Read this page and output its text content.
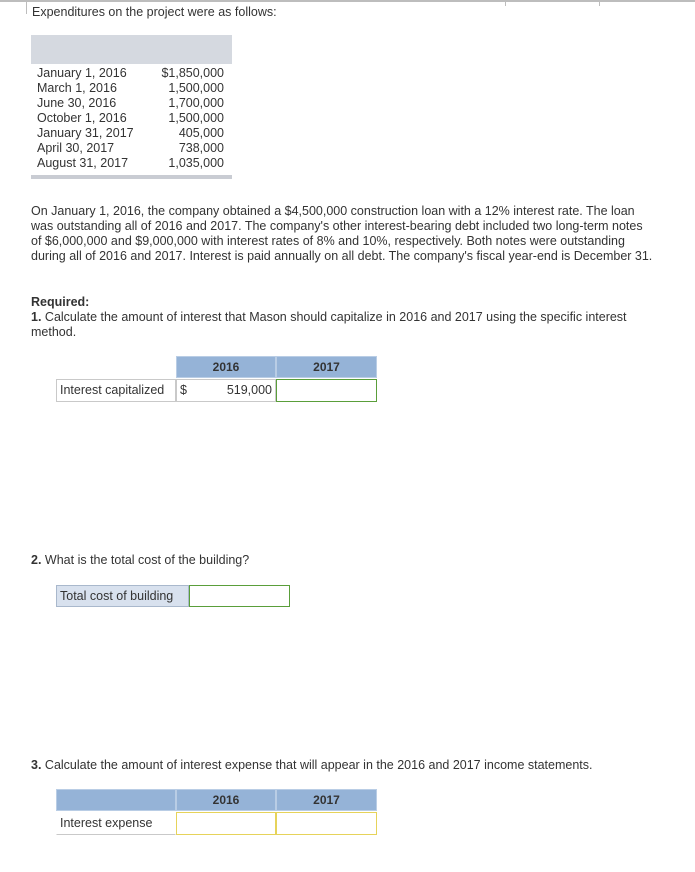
Expenditures on the project were as follows:
January 1, 2016	$1,850,000
March 1, 2016	1,500,000
June 30, 2016	1,700,000
October 1, 2016	1,500,000
January 31, 2017	405,000
April 30, 2017	738,000
August 31, 2017	1,035,000
On January 1, 2016, the company obtained a $4,500,000 construction loan with a 12% interest rate. The loan was outstanding all of 2016 and 2017. The company's other interest-bearing debt included two long-term notes of $6,000,000 and $9,000,000 with interest rates of 8% and 10%, respectively. Both notes were outstanding during all of 2016 and 2017. Interest is paid annually on all debt. The company's fiscal year-end is December 31.
Required:
1. Calculate the amount of interest that Mason should capitalize in 2016 and 2017 using the specific interest method.
2016	2017
Interest capitalized	$	519,000
2. What is the total cost of the building?
Total cost of building
3. Calculate the amount of interest expense that will appear in the 2016 and 2017 income statements.
2016	2017
Interest expense
